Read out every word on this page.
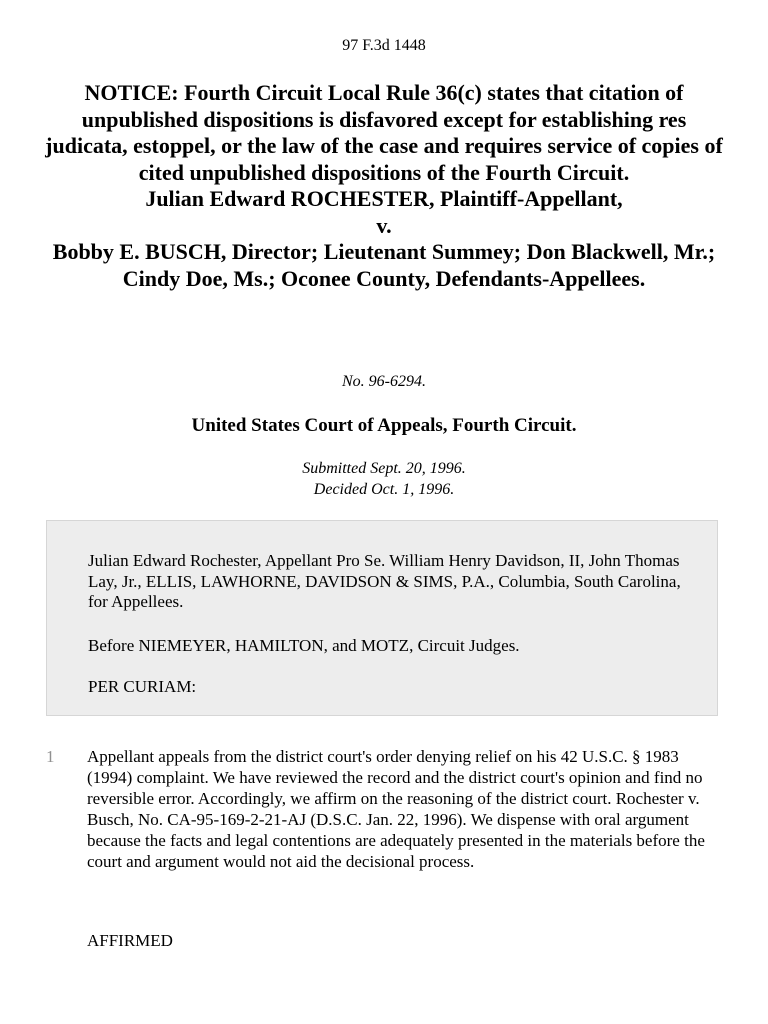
97 F.3d 1448
NOTICE: Fourth Circuit Local Rule 36(c) states that citation of unpublished dispositions is disfavored except for establishing res judicata, estoppel, or the law of the case and requires service of copies of cited unpublished dispositions of the Fourth Circuit.
Julian Edward ROCHESTER, Plaintiff-Appellant,
v.
Bobby E. BUSCH, Director; Lieutenant Summey; Don Blackwell, Mr.; Cindy Doe, Ms.; Oconee County, Defendants-Appellees.
No. 96-6294.
United States Court of Appeals, Fourth Circuit.
Submitted Sept. 20, 1996.
Decided Oct. 1, 1996.

Julian Edward Rochester, Appellant Pro Se. William Henry Davidson, II, John Thomas Lay, Jr., ELLIS, LAWHORNE, DAVIDSON & SIMS, P.A., Columbia, South Carolina, for Appellees.

Before NIEMEYER, HAMILTON, and MOTZ, Circuit Judges.

PER CURIAM:

1 Appellant appeals from the district court's order denying relief on his 42 U.S.C. § 1983 (1994) complaint. We have reviewed the record and the district court's opinion and find no reversible error. Accordingly, we affirm on the reasoning of the district court. Rochester v. Busch, No. CA-95-169-2-21-AJ (D.S.C. Jan. 22, 1996). We dispense with oral argument because the facts and legal contentions are adequately presented in the materials before the court and argument would not aid the decisional process.

AFFIRMED
